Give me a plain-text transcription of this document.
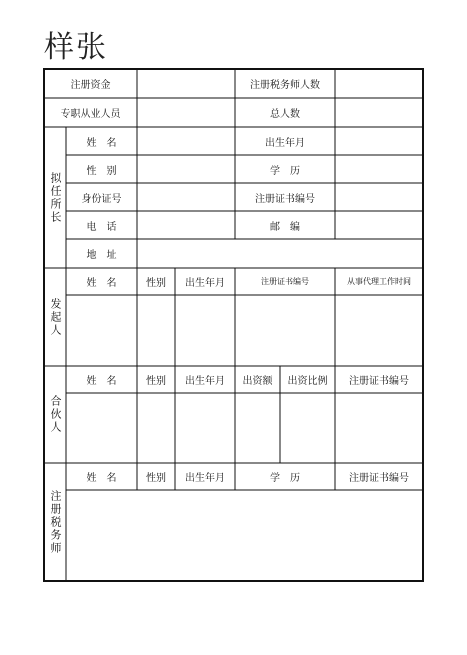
样张
注册资金	注册税务师人数
专职从业人员	总人数
拟任所长
姓　名	出生年月
性　别	学　历
身份证号	注册证书编号
电　话	邮　编
地　址
发起人
姓　名	性别	出生年月	注册证书编号	从事代理工作时间
合伙人
姓　名	性别	出生年月	出资额	出资比例	注册证书编号
注册税务师
姓　名	性别	出生年月	学　历	注册证书编号
